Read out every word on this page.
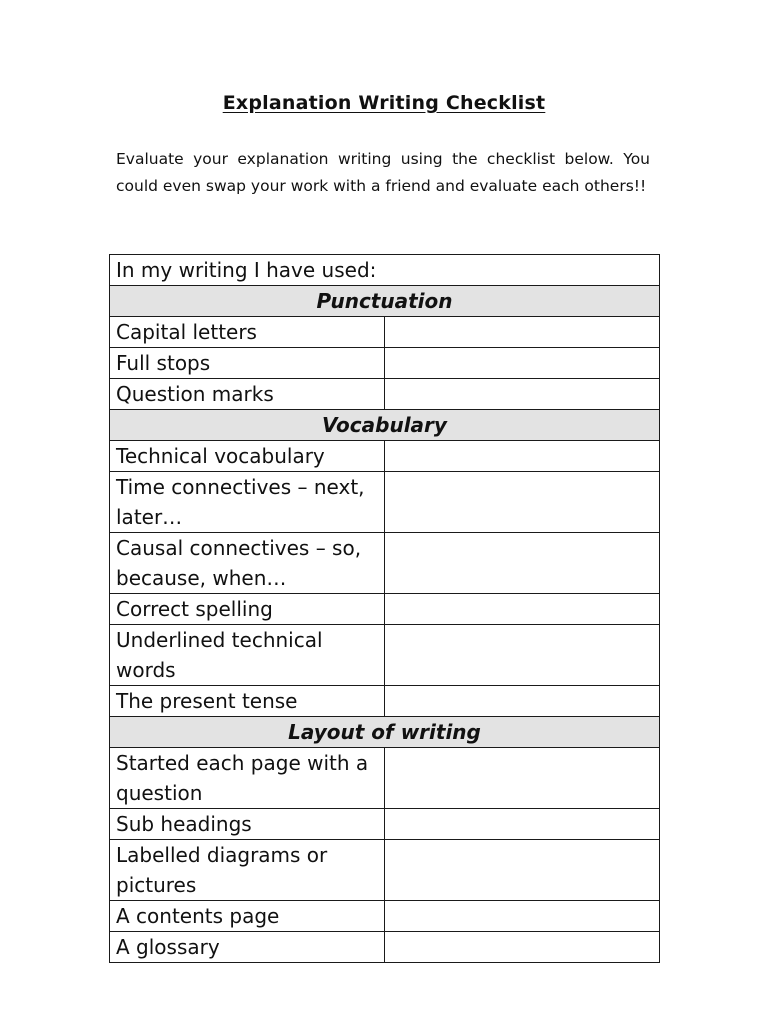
Explanation Writing Checklist
Evaluate your explanation writing using the checklist below. You could even swap your work with a friend and evaluate each others!!
In my writing I have used:	
Punctuation	
Capital letters	
Full stops	
Question marks	
Vocabulary	
Technical vocabulary	
Time connectives – next, later…	
Causal connectives – so, because, when…	
Correct spelling	
Underlined technical words	
The present tense	
Layout of writing	
Started each page with a question	
Sub headings	
Labelled diagrams or pictures	
A contents page	
A glossary	
